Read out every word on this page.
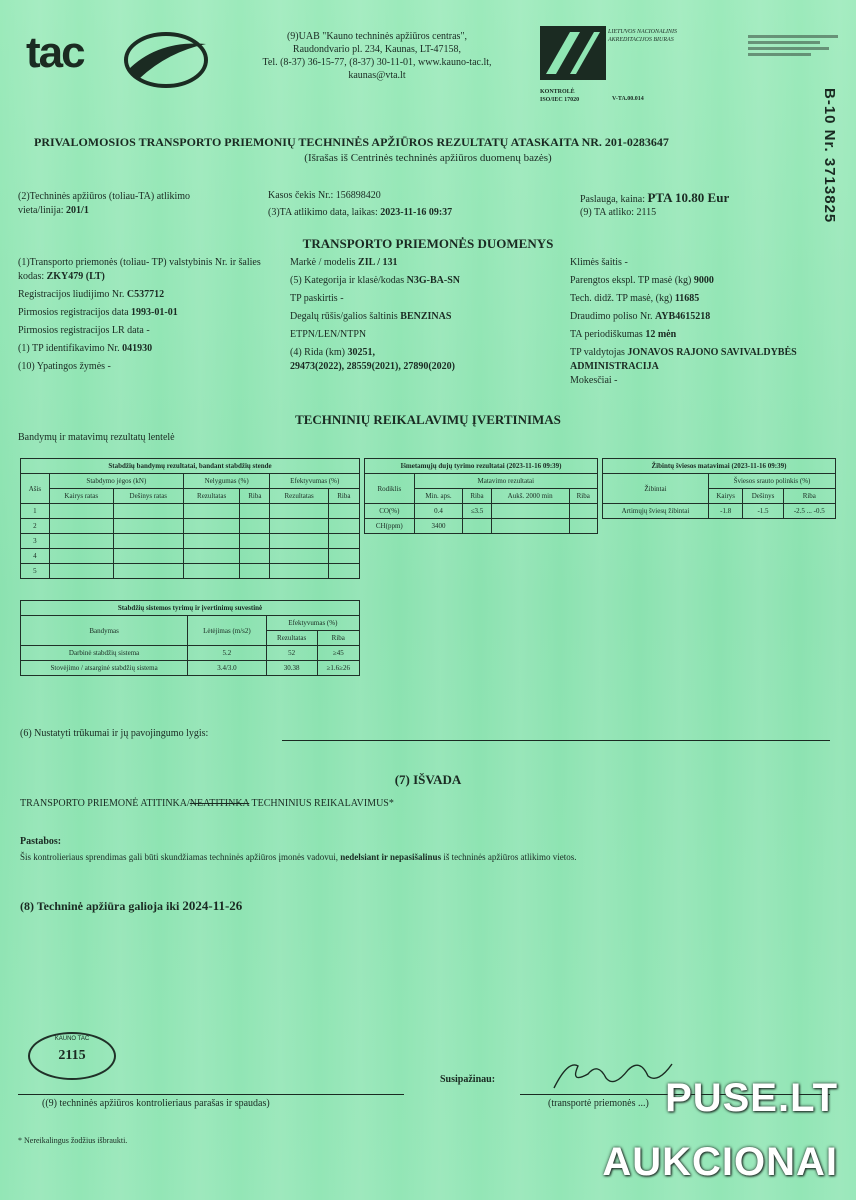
tac	(9)UAB "Kauno techninės apžiūros centras",
Raudondvario pl. 234, Kaunas, LT-47158,
Tel. (8-37) 36-15-77, (8-37) 30-11-01, www.kauno-tac.lt,
kaunas@vta.lt
LIETUVOS NACIONALINIS AKREDITACIJOS BIURAS
KONTROLĖ
ISO/IEC 17020	V-TA.00.014	B-10 Nr. 3713825
PRIVALOMOSIOS TRANSPORTO PRIEMONIŲ TECHNINĖS APŽIŪROS REZULTATŲ ATASKAITA NR. 201-0283647
(Išrašas iš Centrinės techninės apžiūros duomenų bazės)
(2)Techninės apžiūros (toliau-TA) atlikimo vieta/linija: 201/1
Kasos čekis Nr.: 156898420
(3)TA atlikimo data, laikas: 2023-11-16 09:37
Paslauga, kaina: PTA 10.80 Eur
(9) TA atliko: 2115
TRANSPORTO PRIEMONĖS DUOMENYS
(1)Transporto priemonės (toliau- TP) valstybinis Nr. ir šalies kodas: ZKY479 (LT)
Registracijos liudijimo Nr. C537712
Pirmosios registracijos data 1993-01-01
Pirmosios registracijos LR data -
(1) TP identifikavimo Nr. 041930
(10) Ypatingos žymės -
Markė / modelis ZIL / 131
(5) Kategorija ir klasė/kodas N3G-BA-SN
TP paskirtis -
Degalų rūšis/galios šaltinis BENZINAS
ETPN/LEN/NTPN
(4) Rida (km) 30251,
29473(2022), 28559(2021), 27890(2020)
Klimės šaitis -
Parengtos ekspl. TP masė (kg) 9000
Tech. didž. TP masė, (kg) 11685
Draudimo poliso Nr. AYB4615218
TA periodiškumas 12 mėn
TP valdytojas JONAVOS RAJONO SAVIVALDYBĖS ADMINISTRACIJA
Mokesčiai -
TECHNINIŲ REIKALAVIMŲ ĮVERTINIMAS
Bandymų ir matavimų rezultatų lentelė
Stabdžių bandymų rezultatai, bandant stabdžių stende						
Ašis	Stabdymo jėgos (kN)		Nelygumas (%)		Efektyvumas (%)	
	Kairys ratas	Dešinys ratas	Rezultatas	Riba	Rezultatas	Riba
1						
2						
3						
4						
5						
Išmetamųjų dujų tyrimo rezultatai (2023-11-16 09:39)				
Rodiklis	Matavimo rezultatai			
	Min. aps.	Riba	Aukš. 2000 min	Riba
CO(%)	0.4	≤3.5		
CH(ppm)	3400			
Žibintų šviesos matavimai (2023-11-16 09:39)			
Žibintai	Šviesos srauto polinkis (%)		
	Kairys	Dešinys	Riba
Artimųjų šviesų žibintai	-1.8	-1.5	-2.5 ... -0.5
Stabdžių sistemos tyrimų ir įvertinimų suvestinė			
Bandymas	Lėtėjimas (m/s2)	Efektyvumas (%)	
		Rezultatas	Riba
Darbinė stabdžių sistema	5.2	52	≥45
Stovėjimo / atsarginė stabdžių sistema	3.4/3.0	30.38	≥1.6≥26
(6) Nustatyti trūkumai ir jų pavojingumo lygis:
(7) IŠVADA
TRANSPORTO PRIEMONĖ ATITINKA/NEATITINKA TECHNINIUS REIKALAVIMUS*
Pastabos:
Šis kontrolieriaus sprendimas gali būti skundžiamas techninės apžiūros įmonės vadovui, nedelsiant ir nepasišalinus iš techninės apžiūros atlikimo vietos.
(8) Techninė apžiūra galioja iki 2024-11-26
KAUNO TAC
2115
((9) techninės apžiūros kontrolieriaus parašas ir spaudas)
Susipažinau:
(transportė priemonės ...)
* Nereikalingus žodžius išbraukti.
PUSE.LT
AUKCIONAI
